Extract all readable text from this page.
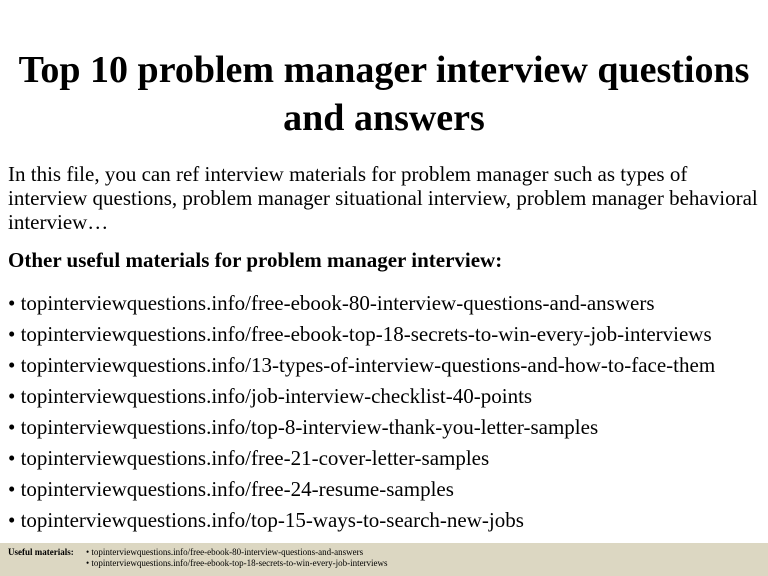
Top 10 problem manager interview questions
and answers

In this file, you can ref interview materials for problem manager such as types of interview questions, problem manager situational interview, problem manager behavioral interview…

Other useful materials for problem manager interview:

• topinterviewquestions.info/free-ebook-80-interview-questions-and-answers
• topinterviewquestions.info/free-ebook-top-18-secrets-to-win-every-job-interviews
• topinterviewquestions.info/13-types-of-interview-questions-and-how-to-face-them
• topinterviewquestions.info/job-interview-checklist-40-points
• topinterviewquestions.info/top-8-interview-thank-you-letter-samples
• topinterviewquestions.info/free-21-cover-letter-samples
• topinterviewquestions.info/free-24-resume-samples
• topinterviewquestions.info/top-15-ways-to-search-new-jobs
Useful materials: • topinterviewquestions.info/free-ebook-80-interview-questions-and-answers
• topinterviewquestions.info/free-ebook-top-18-secrets-to-win-every-job-interviews
